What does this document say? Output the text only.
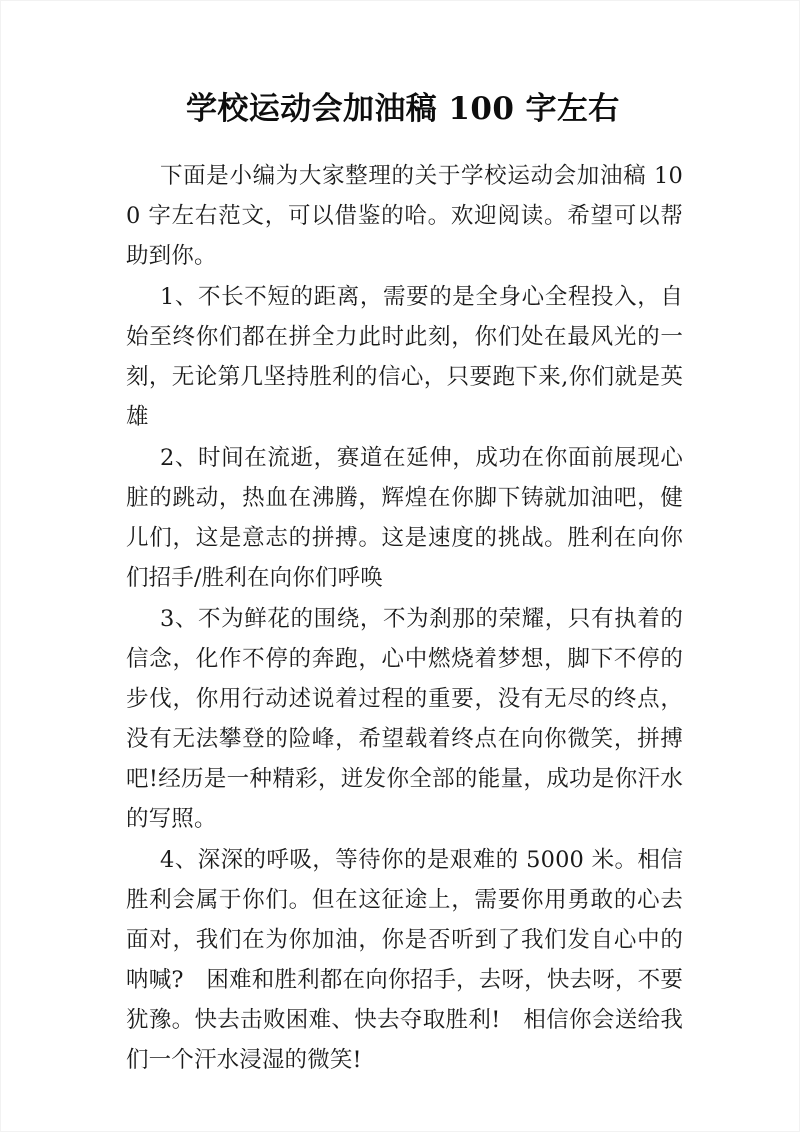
学校运动会加油稿 100 字左右

下面是小编为大家整理的关于学校运动会加油稿 100 字左右范文，可以借鉴的哈。欢迎阅读。希望可以帮助到你。

1、不长不短的距离，需要的是全身心全程投入，自始至终你们都在拼全力此时此刻，你们处在最风光的一刻，无论第几坚持胜利的信心，只要跑下来,你们就是英雄

2、时间在流逝，赛道在延伸，成功在你面前展现心脏的跳动，热血在沸腾，辉煌在你脚下铸就加油吧，健儿们，这是意志的拼搏。这是速度的挑战。胜利在向你们招手/胜利在向你们呼唤

3、不为鲜花的围绕，不为刹那的荣耀，只有执着的信念，化作不停的奔跑，心中燃烧着梦想，脚下不停的步伐，你用行动述说着过程的重要，没有无尽的终点，没有无法攀登的险峰，希望载着终点在向你微笑，拼搏吧!经历是一种精彩，迸发你全部的能量，成功是你汗水的写照。

4、深深的呼吸，等待你的是艰难的 5000 米。相信胜利会属于你们。但在这征途上，需要你用勇敢的心去面对，我们在为你加油，你是否听到了我们发自心中的呐喊?　困难和胜利都在向你招手，去呀，快去呀，不要犹豫。快去击败困难、快去夺取胜利!　相信你会送给我们一个汗水浸湿的微笑!
